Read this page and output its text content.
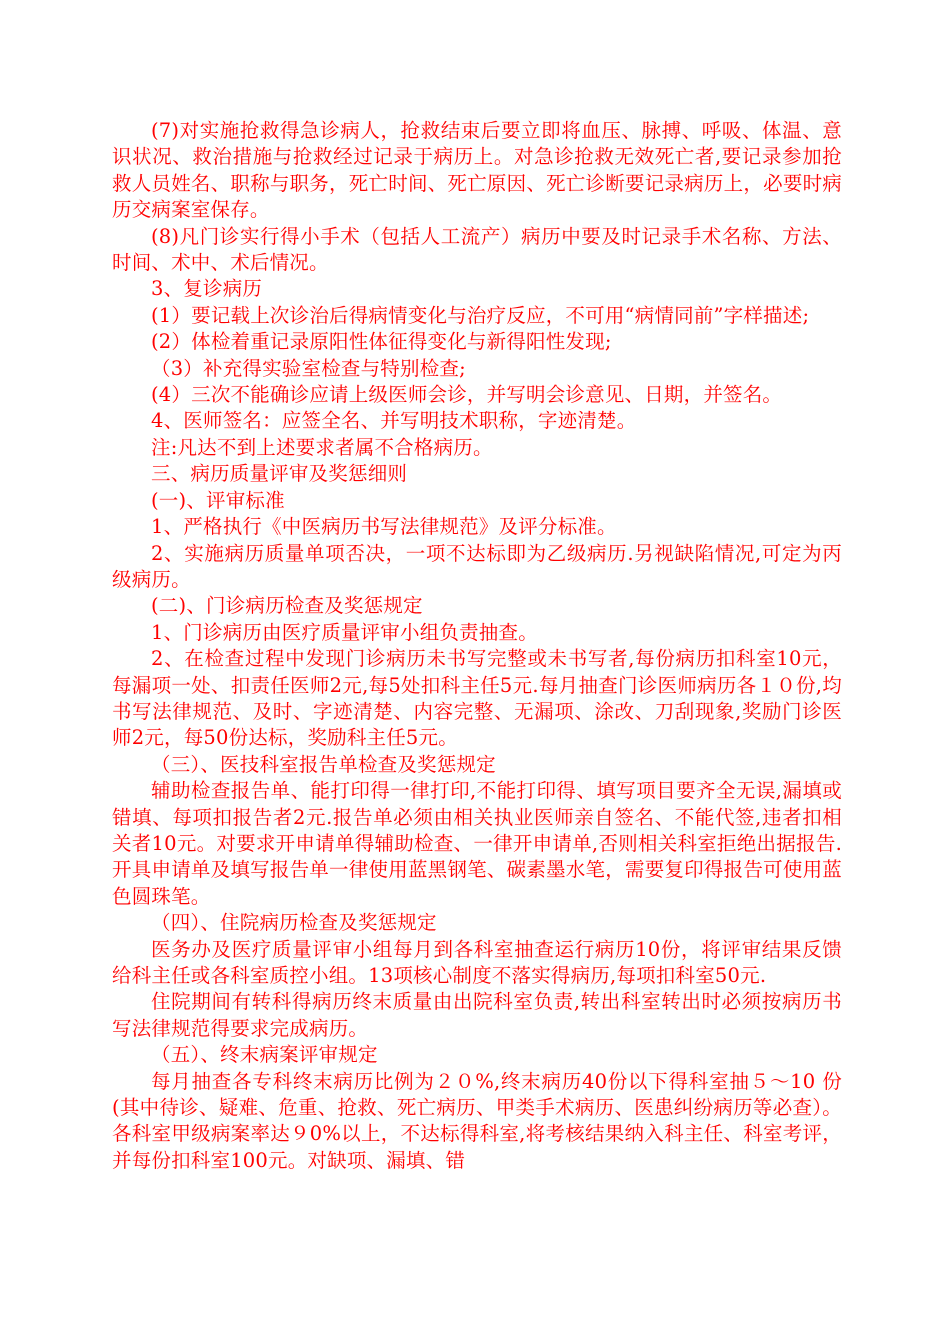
(7)对实施抢救得急诊病人，抢救结束后要立即将血压、脉搏、呼吸、体温、意识状况、救治措施与抢救经过记录于病历上。对急诊抢救无效死亡者,要记录参加抢救人员姓名、职称与职务，死亡时间、死亡原因、死亡诊断要记录病历上，必要时病历交病案室保存。

(8)凡门诊实行得小手术（包括人工流产）病历中要及时记录手术名称、方法、时间、术中、术后情况。

3、复诊病历

(1）要记载上次诊治后得病情变化与治疗反应，不可用“病情同前”字样描述;

(2）体检着重记录原阳性体征得变化与新得阳性发现;

（3）补充得实验室检查与特别检查;

(4）三次不能确诊应请上级医师会诊，并写明会诊意见、日期，并签名。

4、医师签名：应签全名、并写明技术职称，字迹清楚。

注:凡达不到上述要求者属不合格病历。

三、病历质量评审及奖惩细则

(一)、评审标准

1、严格执行《中医病历书写法律规范》及评分标准。

2、实施病历质量单项否决，一项不达标即为乙级病历.另视缺陷情况,可定为丙级病历。

(二)、门诊病历检查及奖惩规定

1、门诊病历由医疗质量评审小组负责抽查。

2、在检查过程中发现门诊病历未书写完整或未书写者,每份病历扣科室10元，每漏项一处、扣责任医师2元,每5处扣科主任5元.每月抽查门诊医师病历各１０份,均书写法律规范、及时、字迹清楚、内容完整、无漏项、涂改、刀刮现象,奖励门诊医师2元，每50份达标，奖励科主任5元。

（三）、医技科室报告单检查及奖惩规定

辅助检查报告单、能打印得一律打印,不能打印得、填写项目要齐全无误,漏填或错填、每项扣报告者2元.报告单必须由相关执业医师亲自签名、不能代签,违者扣相关者10元。对要求开申请单得辅助检查、一律开申请单,否则相关科室拒绝出据报告.开具申请单及填写报告单一律使用蓝黑钢笔、碳素墨水笔，需要复印得报告可使用蓝色圆珠笔。

（四）、住院病历检查及奖惩规定

医务办及医疗质量评审小组每月到各科室抽查运行病历10份，将评审结果反馈给科主任或各科室质控小组。13项核心制度不落实得病历,每项扣科室50元.

住院期间有转科得病历终末质量由出院科室负责,转出科室转出时必须按病历书写法律规范得要求完成病历。

（五）、终末病案评审规定

每月抽查各专科终末病历比例为２０%,终末病历40份以下得科室抽５～10 份(其中待诊、疑难、危重、抢救、死亡病历、甲类手术病历、医患纠纷病历等必查）。各科室甲级病案率达９0%以上，不达标得科室,将考核结果纳入科主任、科室考评，并每份扣科室100元。对缺项、漏填、错
